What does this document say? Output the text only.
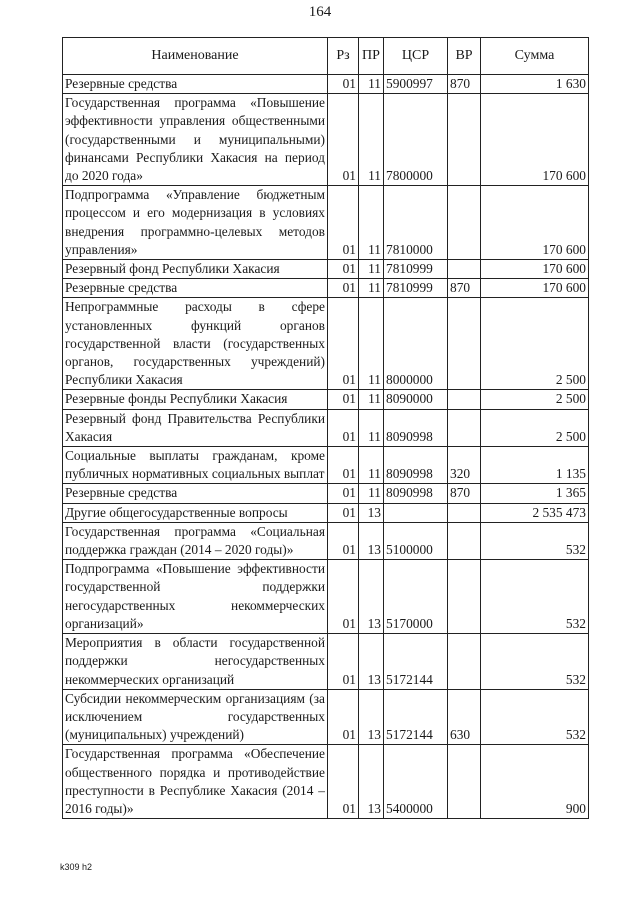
164
Наименование	Рз	ПР	ЦСР	ВР	Сумма
Резервные средства	01	11	5900997	870	1 630
Государственная программа «Повышение эффективности управления общественными (государственными и муниципальными) финансами Республики Хакасия на период до 2020 года»	01	11	7800000		170 600
Подпрограмма «Управление бюджетным процессом и его модернизация в условиях внедрения программно-целевых методов управления»	01	11	7810000		170 600
Резервный фонд Республики Хакасия	01	11	7810999		170 600
Резервные средства	01	11	7810999	870	170 600
Непрограммные расходы в сфере установленных функций органов государственной власти (государственных органов, государственных учреждений) Республики Хакасия	01	11	8000000		2 500
Резервные фонды Республики Хакасия	01	11	8090000		2 500
Резервный фонд Правительства Республики Хакасия	01	11	8090998		2 500
Социальные выплаты гражданам, кроме публичных нормативных социальных выплат	01	11	8090998	320	1 135
Резервные средства	01	11	8090998	870	1 365
Другие общегосударственные вопросы	01	13			2 535 473
Государственная программа «Социальная поддержка граждан (2014 – 2020 годы)»	01	13	5100000		532
Подпрограмма «Повышение эффективности государственной поддержки негосударственных некоммерческих организаций»	01	13	5170000		532
Мероприятия в области государственной поддержки негосударственных некоммерческих организаций	01	13	5172144		532
Субсидии некоммерческим организациям (за исключением государственных (муниципальных) учреждений)	01	13	5172144	630	532
Государственная программа «Обеспечение общественного порядка и противодействие преступности в Республике Хакасия (2014 – 2016 годы)»	01	13	5400000		900
k309 h2
